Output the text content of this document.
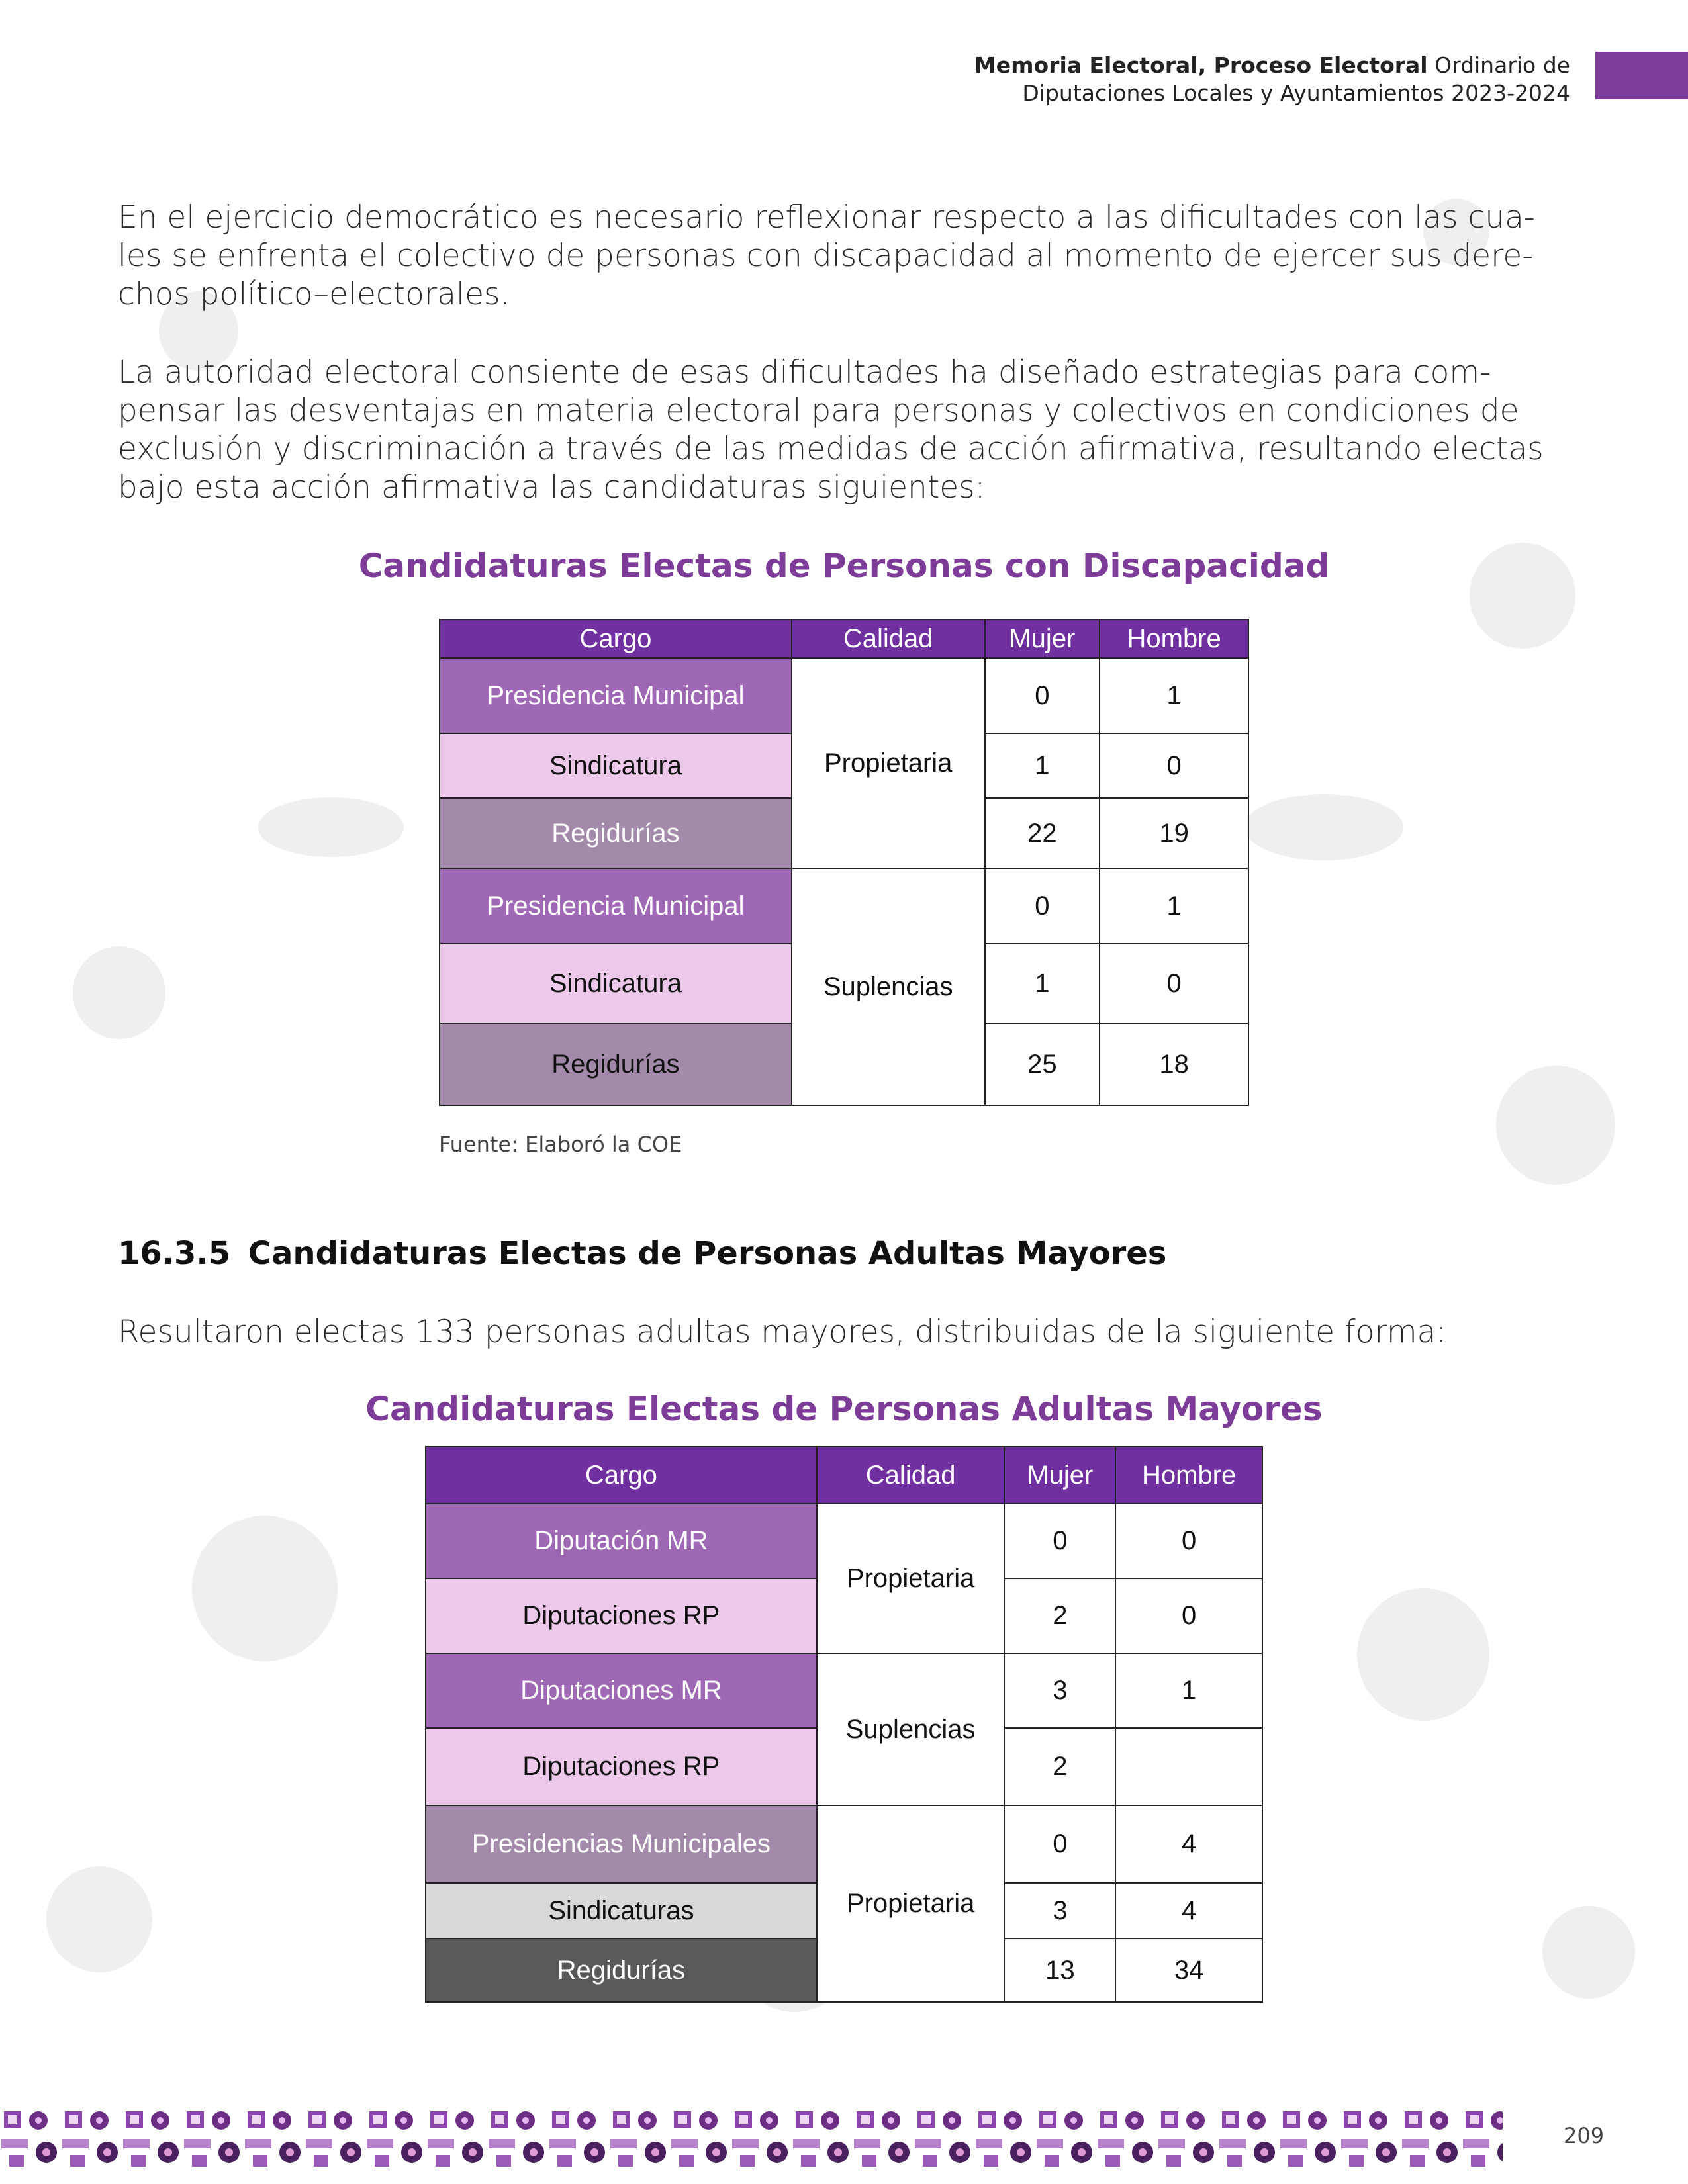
Memoria Electoral, Proceso Electoral Ordinario de
Diputaciones Locales y Ayuntamientos 2023-2024
En el ejercicio democrático es necesario reflexionar respecto a las dificultades con las cua-
les se enfrenta el colectivo de personas con discapacidad al momento de ejercer sus dere-
chos político–electorales.
La autoridad electoral consiente de esas dificultades ha diseñado estrategias para com-
pensar las desventajas en materia electoral para personas y colectivos en condiciones de
exclusión y discriminación a través de las medidas de acción afirmativa, resultando electas
bajo esta acción afirmativa las candidaturas siguientes:
Candidaturas Electas de Personas con Discapacidad
Cargo	Calidad	Mujer	Hombre
Presidencia Municipal	Propietaria	0	1
Sindicatura		1	0
Regidurías		22	19
Presidencia Municipal	Suplencias	0	1
Sindicatura		1	0
Regidurías		25	18
Fuente: Elaboró la COE
16.3.5 Candidaturas Electas de Personas Adultas Mayores
Resultaron electas 133 personas adultas mayores, distribuidas de la siguiente forma:
Candidaturas Electas de Personas Adultas Mayores
Cargo	Calidad	Mujer	Hombre
Diputación MR	Propietaria	0	0
Diputaciones RP		2	0
Diputaciones MR	Suplencias	3	1
Diputaciones RP		2	
Presidencias Municipales	Propietaria	0	4
Sindicaturas		3	4
Regidurías		13	34
209
